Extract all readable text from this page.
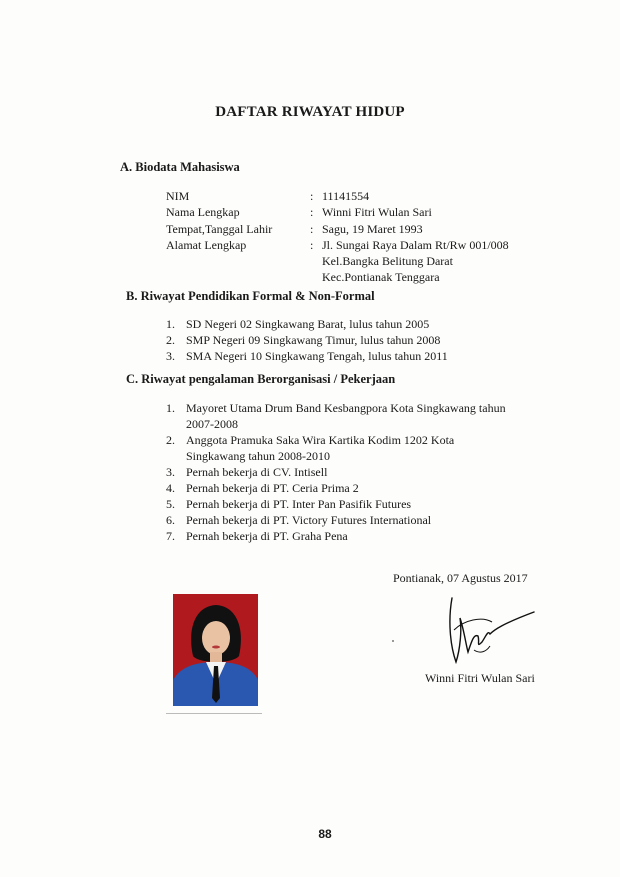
DAFTAR RIWAYAT HIDUP
A. Biodata Mahasiswa
NIM	: 11141554
Nama Lengkap	: Winni Fitri Wulan Sari
Tempat,Tanggal Lahir	: Sagu, 19 Maret 1993
Alamat Lengkap	: Jl. Sungai Raya Dalam Rt/Rw 001/008
Kel.Bangka Belitung Darat
Kec.Pontianak Tenggara
B. Riwayat Pendidikan Formal & Non-Formal
1. SD Negeri 02 Singkawang Barat, lulus tahun 2005
2. SMP Negeri 09 Singkawang Timur, lulus tahun 2008
3. SMA Negeri 10 Singkawang Tengah, lulus tahun 2011
C. Riwayat pengalaman Berorganisasi / Pekerjaan
1. Mayoret Utama Drum Band Kesbangpora Kota Singkawang tahun 2007-2008
2. Anggota Pramuka Saka Wira Kartika Kodim 1202 Kota Singkawang tahun 2008-2010
3. Pernah bekerja di CV. Intisell
4. Pernah bekerja di PT. Ceria Prima 2
5. Pernah bekerja di PT. Inter Pan Pasifik Futures
6. Pernah bekerja di PT. Victory Futures International
7. Pernah bekerja di PT. Graha Pena
Pontianak, 07 Agustus 2017
Winni Fitri Wulan Sari
88
